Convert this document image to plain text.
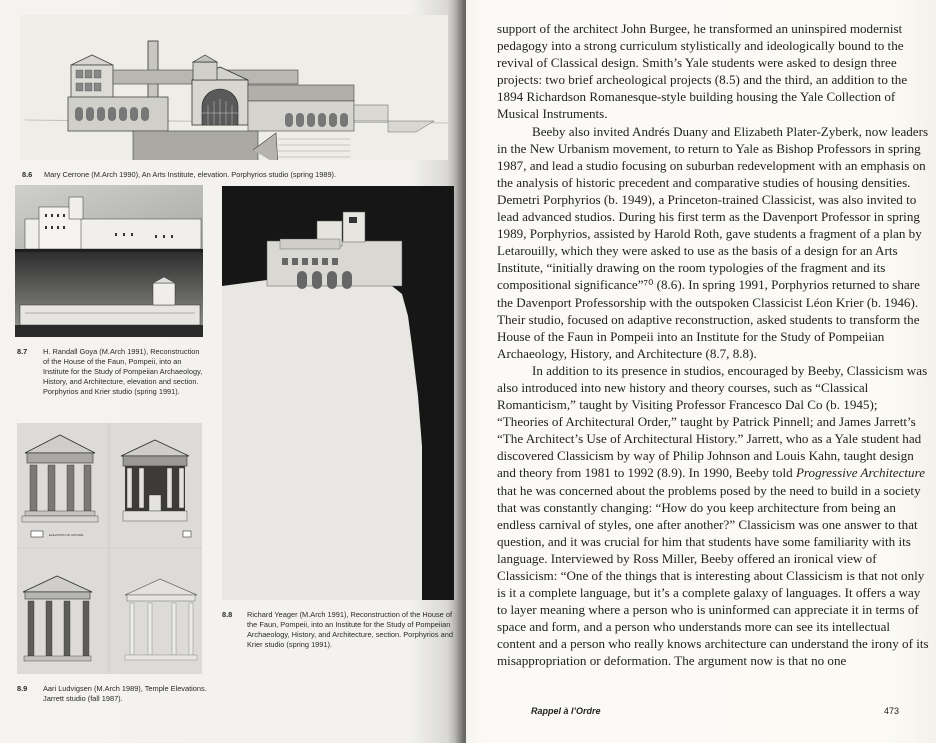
8.6 Mary Cerrone (M.Arch 1990), An Arts Institute, elevation. Porphyrios studio (spring 1989).
8.7 H. Randall Goya (M.Arch 1991), Reconstruction of the House of the Faun, Pompeii, into an Institute for the Study of Pompeiian Archaeology, History, and Architecture, elevation and section. Porphyrios and Krier studio (spring 1991).
8.8 Richard Yeager (M.Arch 1991), Reconstruction of the House of the Faun, Pompeii, into an Institute for the Study of Pompeiian Archaeology, History, and Architecture, section. Porphyrios and Krier studio (spring 1991).
ELEVATION OF NATURE
8.9 Aari Ludvigsen (M.Arch 1989), Temple Elevations. Jarrett studio (fall 1987).

support of the architect John Burgee, he transformed an uninspired modernist pedagogy into a strong curriculum stylistically and ideologically bound to the revival of Classical design. Smith’s Yale students were asked to design three projects: two brief archeological projects (8.5) and the third, an addition to the 1894 Richardson Romanesque-style building housing the Yale Collection of Musical Instruments.

Beeby also invited Andrés Duany and Elizabeth Plater-Zyberk, now leaders in the New Urbanism movement, to return to Yale as Bishop Professors in spring 1987, and lead a studio focusing on suburban redevelopment with an emphasis on the analysis of historic precedent and comparative studies of housing densities. Demetri Porphyrios (b. 1949), a Princeton-trained Classicist, was also invited to lead advanced studios. During his first term as the Davenport Professor in spring 1989, Porphyrios, assisted by Harold Roth, gave students a fragment of a plan by Letarouilly, which they were asked to use as the basis of a design for an Arts Institute, “initially drawing on the room typologies of the fragment and its compositional significance”⁷⁰ (8.6). In spring 1991, Porphyrios returned to share the Davenport Professorship with the outspoken Classicist Léon Krier (b. 1946). Their studio, focused on adaptive reconstruction, asked students to transform the House of the Faun in Pompeii into an Institute for the Study of Pompeiian Archaeology, History, and Architecture (8.7, 8.8).

In addition to its presence in studios, encouraged by Beeby, Classicism was also introduced into new history and theory courses, such as “Classical Romanticism,” taught by Visiting Professor Francesco Dal Co (b. 1945); “Theories of Architectural Order,” taught by Patrick Pinnell; and James Jarrett’s “The Architect’s Use of Architectural History.” Jarrett, who as a Yale student had discovered Classicism by way of Philip Johnson and Louis Kahn, taught design and theory from 1981 to 1992 (8.9). In 1990, Beeby told Progressive Architecture that he was concerned about the problems posed by the need to build in a society that was constantly changing: “How do you keep architecture from being an endless carnival of styles, one after another?” Classicism was one answer to that question, and it was crucial for him that students have some familiarity with its language. Interviewed by Ross Miller, Beeby offered an ironical view of Classicism: “One of the things that is interesting about Classicism is that not only is it a complete language, but it’s a complete galaxy of languages. It offers a way to layer meaning where a person who is uninformed can appreciate it in terms of space and form, and a person who understands more can see its intellectual content and a person who really knows architecture can understand the irony of its misappropriation or deformation. The argument now is that no one

Rappel à l’Ordre	473
